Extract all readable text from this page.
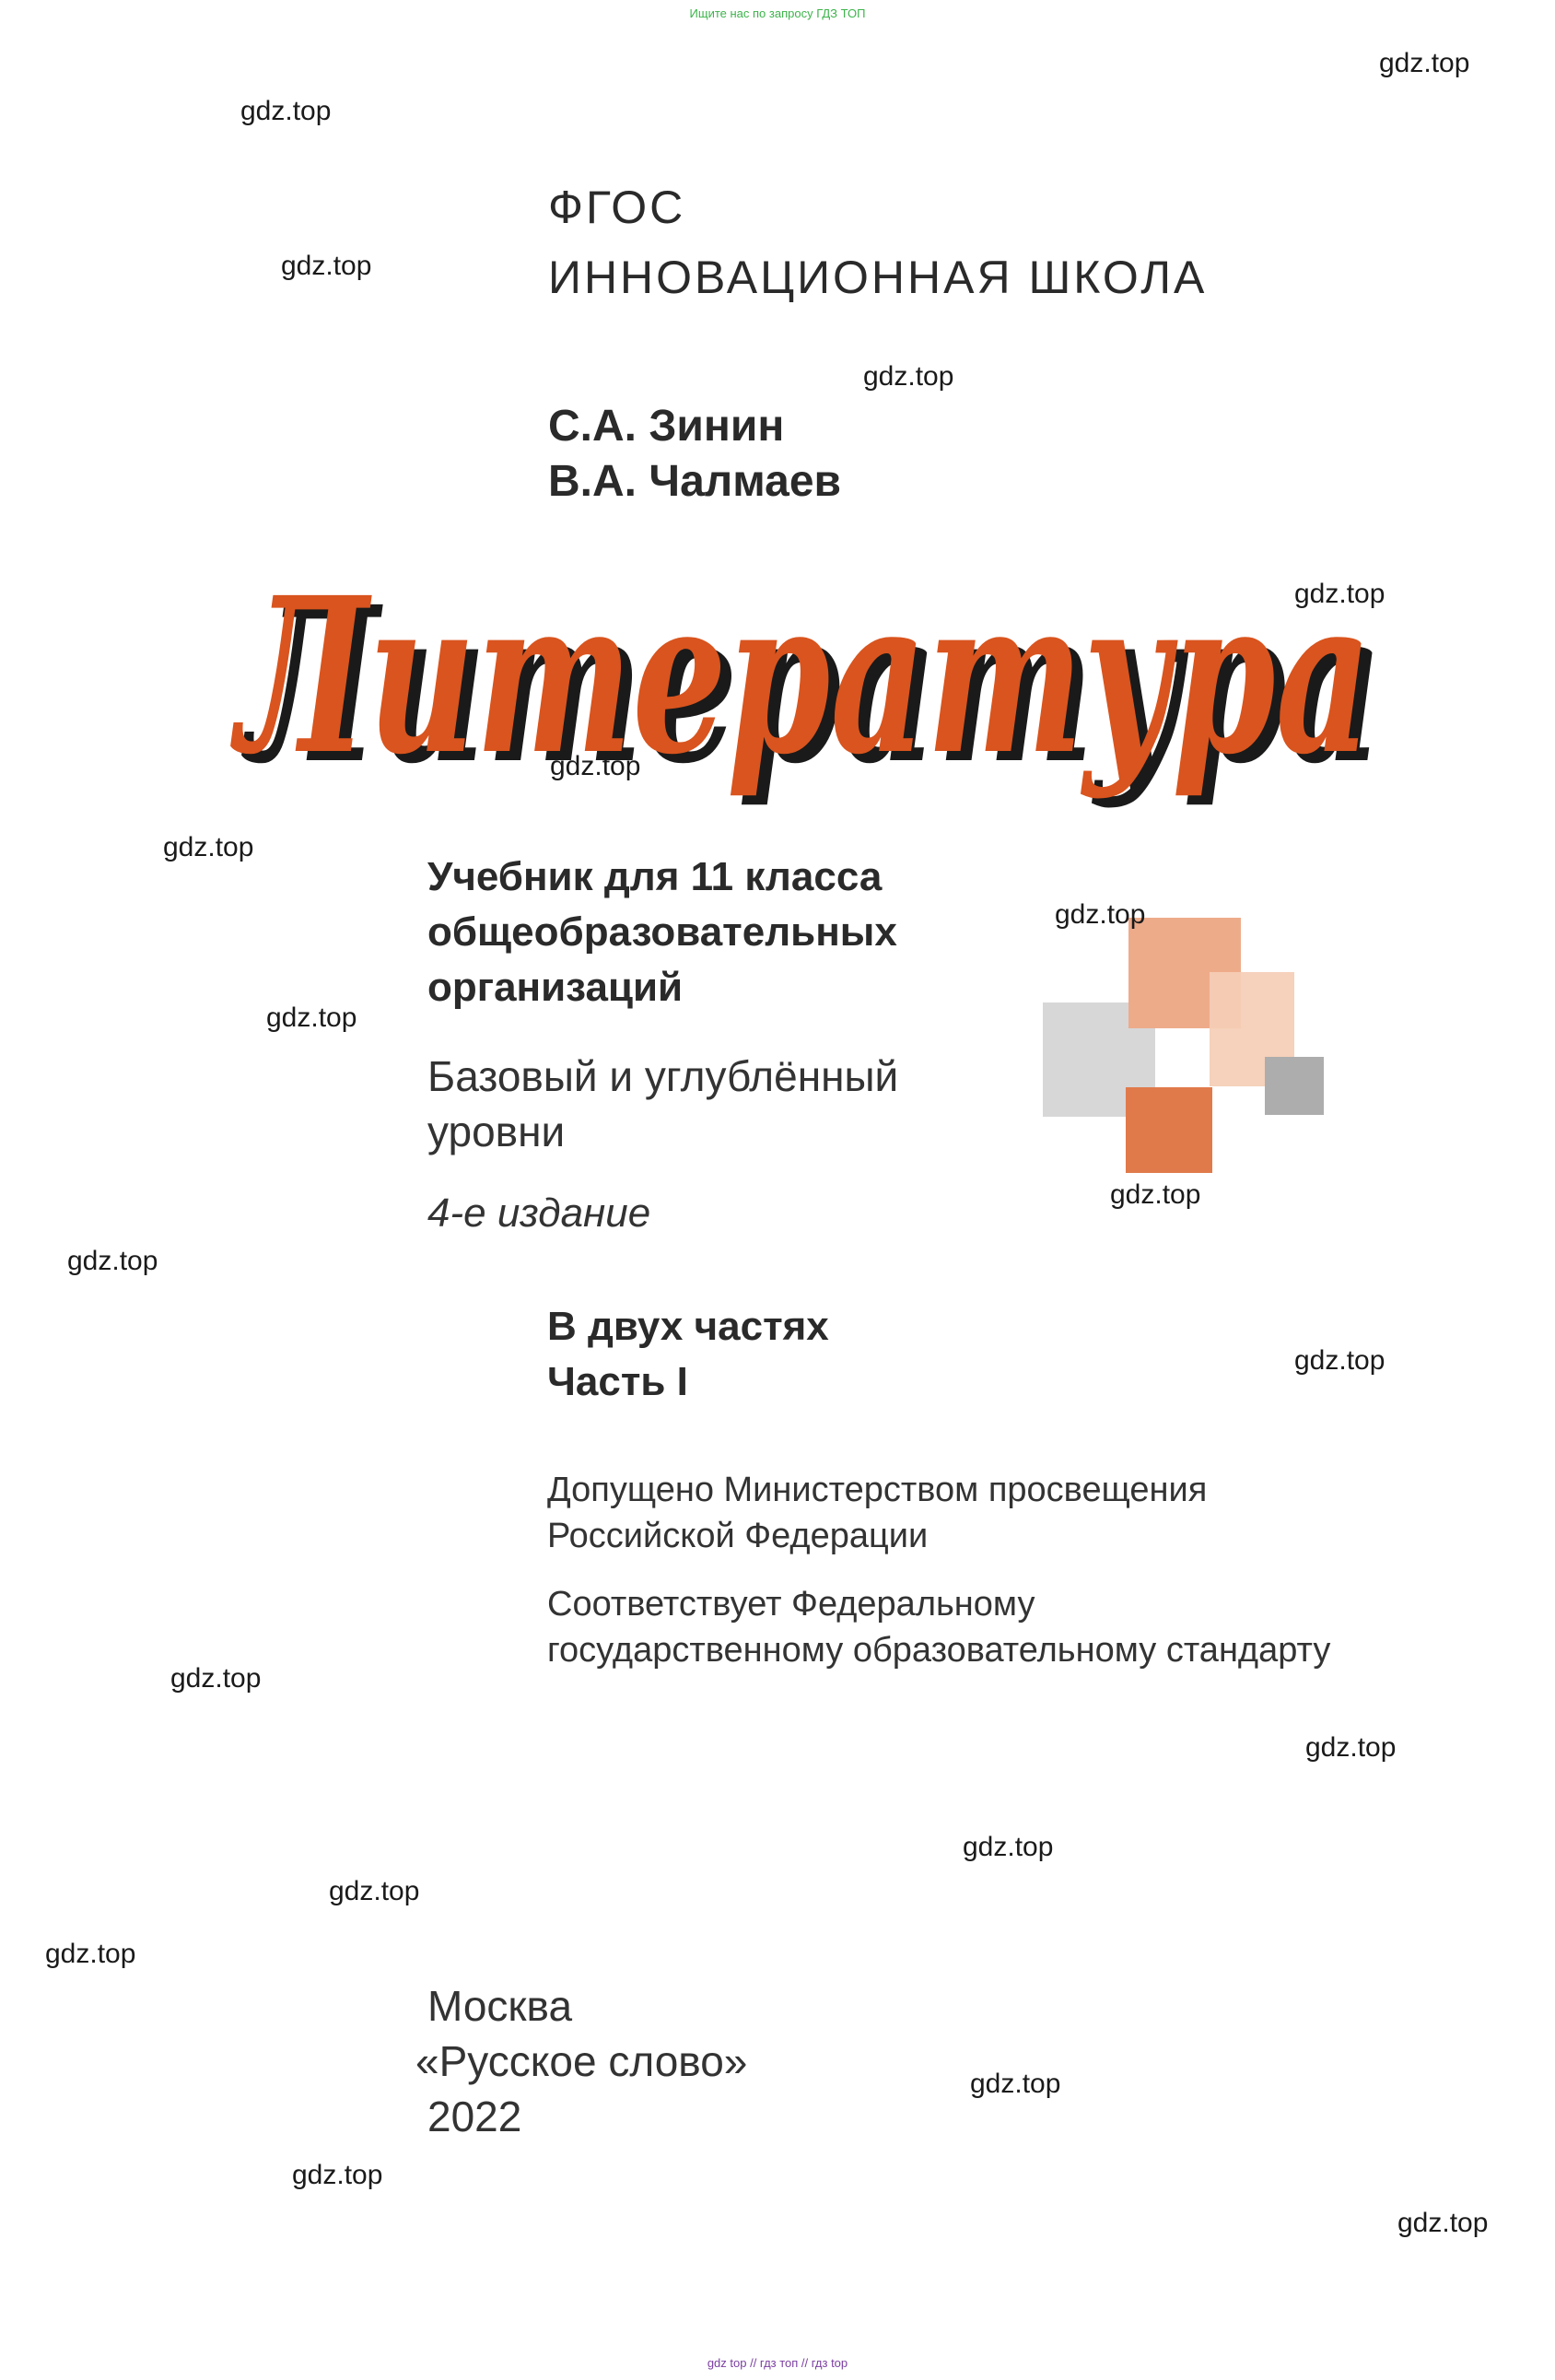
Ищите нас по запросу ГДЗ ТОП
ФГОС
ИННОВАЦИОННАЯ ШКОЛА
С.А. Зинин
В.А. Чалмаев
Литература
Литература
Учебник для 11 класса
общеобразовательных
организаций
Базовый и углублённый
уровни
4-е издание
В двух частях
Часть I
Допущено Министерством просвещения
Российской Федерации
Соответствует Федеральному
государственному образовательному стандарту
Москва
«Русское слово»
2022
gdz.top
gdz.top
gdz.top
gdz.top
gdz.top
gdz.top
gdz.top
gdz.top
gdz.top
gdz.top
gdz.top
gdz.top
gdz.top
gdz.top
gdz.top
gdz.top
gdz.top
gdz.top
gdz.top
gdz.top
gdz top // гдз топ // гдз top
